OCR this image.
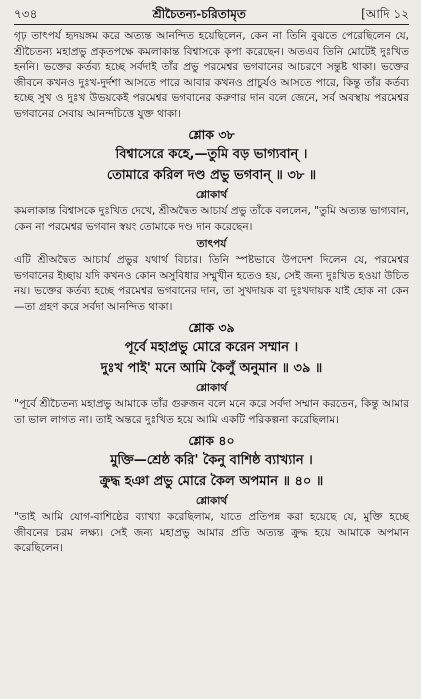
৭৩৪	শ্রীচৈতন্য-চরিতামৃত	[আদি ১২

গৃঢ় তাৎপর্য হৃদয়ঙ্গম করে অত্যন্ত আনন্দিত হয়েছিলেন, কেন না তিনি বুঝতে পেরেছিলেন যে, শ্রীচৈতন্য মহাপ্রভু প্রকৃতপক্ষে কমলাকান্ত বিশ্বাসকে কৃপা করেছেন। অতএব তিনি মোটেই দুঃখিত হননি। ভক্তের কর্তব্য হচ্ছে সর্বদাই তাঁর প্রভু পরমেশ্বর ভগবানের আচরণে সন্তুষ্ট থাকা। ভক্তের জীবনে কখনও দুঃখ-দুর্দশা আসতে পারে আবার কখনও প্রাচুর্যও আসতে পারে, কিন্তু তাঁর কর্তব্য হচ্ছে সুখ ও দুঃখ উভয়কেই পরমেশ্বর ভগবানের করুণার দান বলে জেনে, সর্ব অবস্থায় পরমেশ্বর ভগবানের সেবায় আনন্দচিত্তে যুক্ত থাকা।

শ্লোক ৩৮

বিশ্বাসেরে কহে,—তুমি বড় ভাগ্যবান্ ।

তোমারে করিল দণ্ড প্রভু ভগবান্ ॥ ৩৮ ॥

শ্লোকার্থ

কমলাকান্ত বিশ্বাসকে দুঃখিত দেখে, শ্রীঅদ্বৈত আচার্য প্রভু তাঁকে বললেন, "তুমি অত্যন্ত ভাগ্যবান, কেন না পরমেশ্বর ভগবান স্বয়ং তোমাকে দণ্ড দান করেছেন।

তাৎপর্য

এটি শ্রীঅদ্বৈত আচার্য প্রভুর যথার্থ বিচার। তিনি স্পষ্টভাবে উপদেশ দিলেন যে, পরমেশ্বর ভগবানের ইচ্ছায় যদি কখনও কোন অসুবিধার সম্মুখীন হতেও হয়, সেই জন্য দুঃখিত হওয়া উচিত নয়। ভক্তের কর্তব্য হচ্ছে পরমেশ্বর ভগবানের দান, তা সুখদায়ক বা দুঃখদায়ক যাই হোক না কেন—তা গ্রহণ করে সর্বদা আনন্দিত থাকা।

শ্লোক ৩৯

পূর্বে মহাপ্রভু মোরে করেন সম্মান ।

দুঃখ পাই' মনে আমি কৈলুঁ অনুমান ॥ ৩৯ ॥

শ্লোকার্থ

"পূর্বে শ্রীচৈতন্য মহাপ্রভু আমাকে তাঁর গুরুজন বলে মনে করে সর্বদা সম্মান করতেন, কিন্তু আমার তা ভাল লাগত না। তাই অন্তরে দুঃখিত হয়ে আমি একটি পরিকল্পনা করেছিলাম।

শ্লোক ৪০

মুক্তি—শ্রেষ্ঠ করি' কৈনু বাশিষ্ঠ ব্যাখ্যান ।

ক্রুদ্ধ হঞা প্রভু মোরে কৈল অপমান ॥ ৪০ ॥

শ্লোকার্থ

"তাই আমি যোগ-বাশিষ্ঠের ব্যাখ্যা করেছিলাম, যাতে প্রতিপন্ন করা হয়েছে যে, মুক্তি হচ্ছে জীবনের চরম লক্ষ্য। সেই জন্য মহাপ্রভু আমার প্রতি অত্যন্ত ক্রুদ্ধ হয়ে আমাকে অপমান করেছিলেন।
